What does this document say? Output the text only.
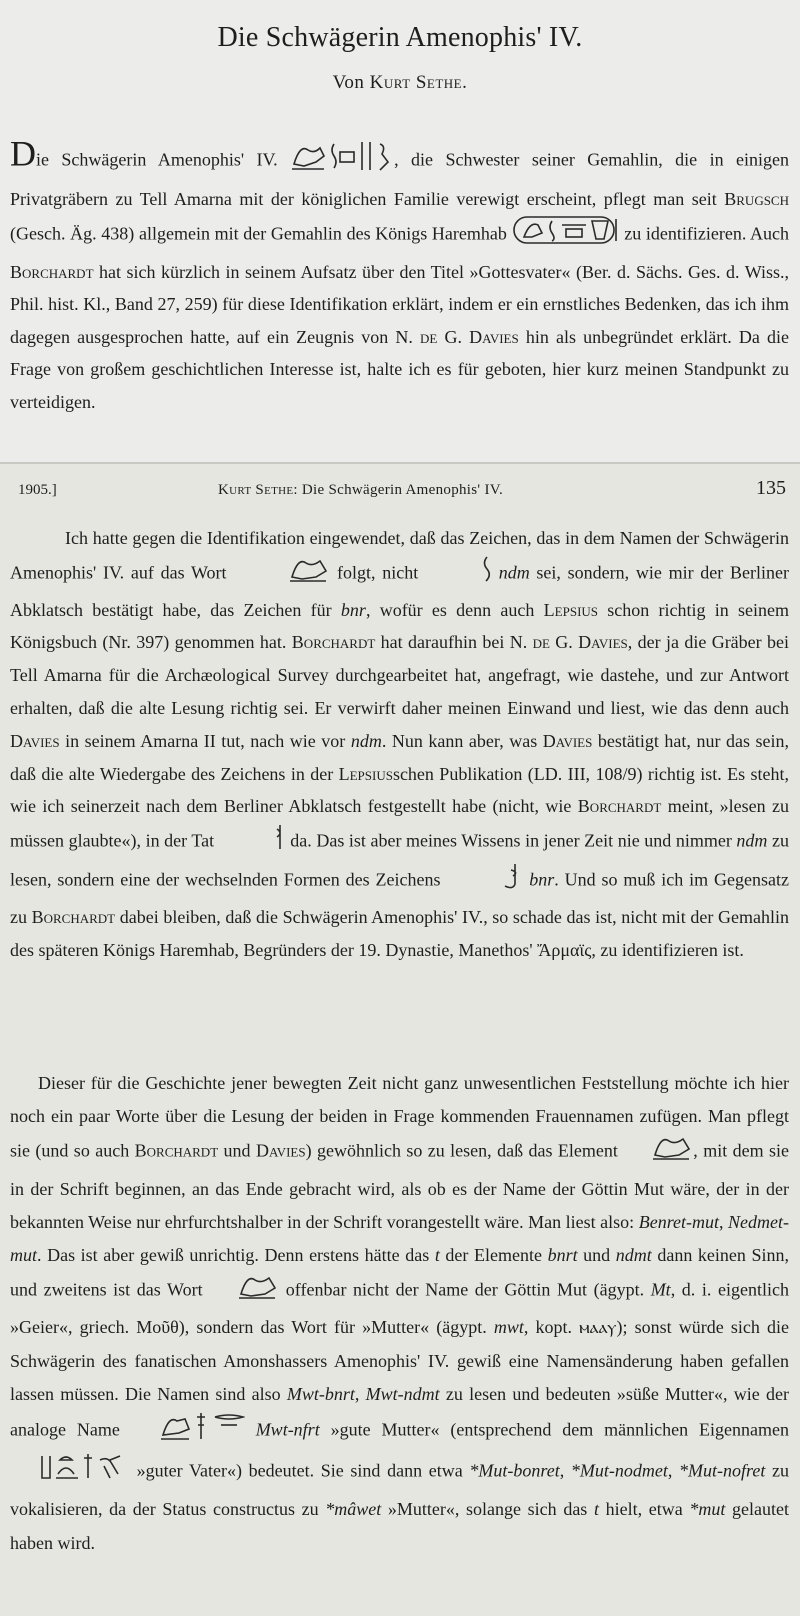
Die Schwägerin Amenophis' IV.
Von Kurt Sethe.
Die Schwägerin Amenophis' IV.	, die Schwester seiner Gemahlin, die in einigen Privatgräbern zu Tell Amarna mit der königlichen Familie verewigt erscheint, pflegt man seit Brugsch (Gesch. Äg. 438) allgemein mit der Gemahlin des Königs Haremhab	zu identifizieren. Auch Borchardt hat sich kürzlich in seinem Aufsatz über den Titel »Gottesvater« (Ber. d. Sächs. Ges. d. Wiss., Phil. hist. Kl., Band 27, 259) für diese Identifikation erklärt, indem er ein ernstliches Bedenken, das ich ihm dagegen ausgesprochen hatte, auf ein Zeugnis von N. de G. Davies hin als unbegründet erklärt. Da die Frage von großem geschichtlichen Interesse ist, halte ich es für geboten, hier kurz meinen Standpunkt zu verteidigen.
1905.]	Kurt Sethe: Die Schwägerin Amenophis' IV.	135
Ich hatte gegen die Identifikation eingewendet, daß das Zeichen, das in dem Namen der Schwägerin Amenophis' IV. auf das Wort	folgt, nicht	ndm sei, sondern, wie mir der Berliner Abklatsch bestätigt habe, das Zeichen für bnr, wofür es denn auch Lepsius schon richtig in seinem Königsbuch (Nr. 397) genommen hat. Borchardt hat daraufhin bei N. de G. Davies, der ja die Gräber bei Tell Amarna für die Archæological Survey durchgearbeitet hat, angefragt, wie dastehe, und zur Antwort erhalten, daß die alte Lesung richtig sei. Er verwirft daher meinen Einwand und liest, wie das denn auch Davies in seinem Amarna II tut, nach wie vor ndm. Nun kann aber, was Davies bestätigt hat, nur das sein, daß die alte Wiedergabe des Zeichens in der Lepsiusschen Publikation (LD. III, 108/9) richtig ist. Es steht, wie ich seinerzeit nach dem Berliner Abklatsch festgestellt habe (nicht, wie Borchardt meint, »lesen zu müssen glaubte«), in der Tat	da. Das ist aber meines Wissens in jener Zeit nie und nimmer ndm zu lesen, sondern eine der wechselnden Formen des Zeichens	bnr. Und so muß ich im Gegensatz zu Borchardt dabei bleiben, daß die Schwägerin Amenophis' IV., so schade das ist, nicht mit der Gemahlin des späteren Königs Haremhab, Begründers der 19. Dynastie, Manethos' Ἄρμαϊς, zu identifizieren ist.
Dieser für die Geschichte jener bewegten Zeit nicht ganz unwesentlichen Feststellung möchte ich hier noch ein paar Worte über die Lesung der beiden in Frage kommenden Frauennamen zufügen. Man pflegt sie (und so auch Borchardt und Davies) gewöhnlich so zu lesen, daß das Element	, mit dem sie in der Schrift beginnen, an das Ende gebracht wird, als ob es der Name der Göttin Mut wäre, der in der bekannten Weise nur ehrfurchtshalber in der Schrift vorangestellt wäre. Man liest also: Benret-mut, Nedmet-mut. Das ist aber gewiß unrichtig. Denn erstens hätte das t der Elemente bnrt und ndmt dann keinen Sinn, und zweitens ist das Wort	offenbar nicht der Name der Göttin Mut (ägypt. Mt, d. i. eigentlich »Geier«, griech. Μοῦθ), sondern das Wort für »Mutter« (ägypt. mwt, kopt. ⲙⲁⲁⲩ); sonst würde sich die Schwägerin des fanatischen Amonshassers Amenophis' IV. gewiß eine Namensänderung haben gefallen lassen müssen. Die Namen sind also Mwt-bnrt, Mwt-ndmt zu lesen und bedeuten »süße Mutter«, wie der analoge Name	Mwt-nfrt »gute Mutter« (entsprechend dem männlichen Eigennamen  »guter Vater«) bedeutet. Sie sind dann etwa *Mut-bonret, *Mut-nodmet, *Mut-nofret zu vokalisieren, da der Status constructus zu *mâwet »Mutter«, solange sich das t hielt, etwa *mut gelautet haben wird.
